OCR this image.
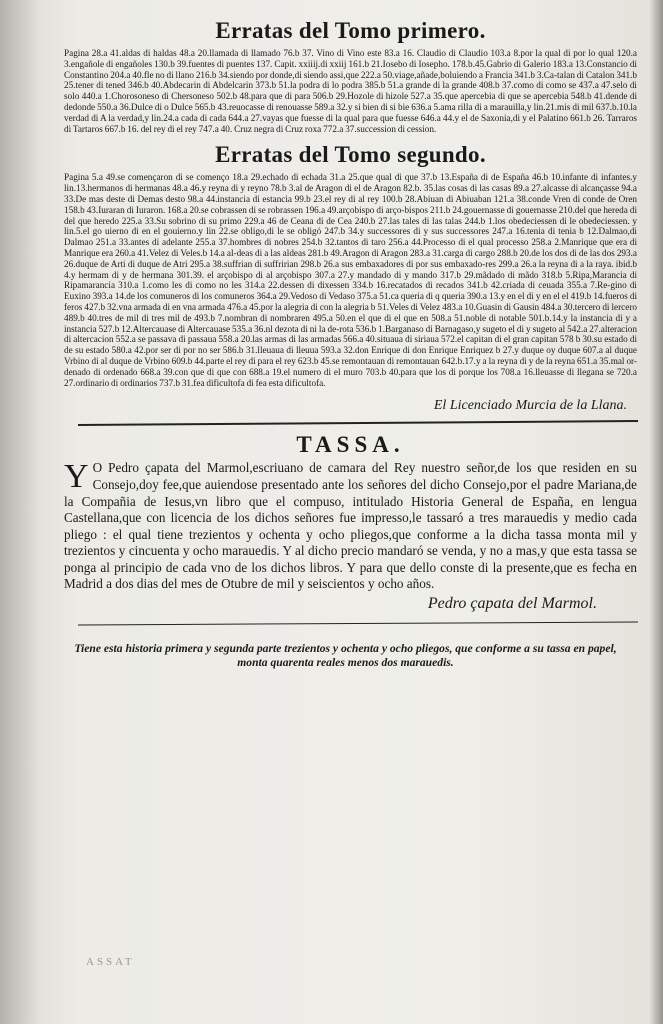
Erratas del Tomo primero.

Pagina 28.a 41.aldas di haldas 48.a 20.llamada di llamado 76.b 37. Vino di Vino este 83.a 16. Claudio di Claudio 103.a 8.por la qual di por lo qual 120.a 3.engañole di engañoles 130.b 39.fuentes di puentes 137. Capit. xxiiij.di xxiij 161.b 21.Iosebo di Iosepho. 178.b.45.Gabrio di Galerio 183.a 13.Constancio di Constantino 204.a 40.fle no di llano 216.b 34.siendo por donde,di siendo assi,que 222.a 50.viage,añade,boluiendo a Francia 341.b 3.Ca-talan di Catalon 341.b 25.tener di tened 346.b 40.Abdecarin di Abdelcarin 373.b 51.la podra di lo podra 385.b 51.a grande di la grande 408.b 37.como di como se 437.a 47.selo di solo 440.a 1.Chorosoneso di Chersoneso 502.b 48.para que di para 506.b 29.Hozole di hizole 527.a 35.que apercebia di que se apercebia 548.b 41.dende di dedonde 550.a 36.Dulce di o Dulce 565.b 43.reuocasse di renouasse 589.a 32.y si bien di si bie 636.a 5.ama rilla di a marauilla,y lin.21.mis di mil 637.b.10.la verdad di A la verdad,y lin.24.a cada di cada 644.a 27.vayas que fuesse di la qual para que fuesse 646.a 44.y el de Saxonia,di y el Palatino 661.b 26. Tarraros di Tartaros 667.b 16. del rey di el rey 747.a 40. Cruz negra di Cruz roxa 772.a 37.succession di cession.

Erratas del Tomo segundo.

Pagina 5.a 49.se començaron di se començo 18.a 29.echado di echada 31.a 25.que qual di que 37.b 13.España di de España 46.b 10.infante di infantes.y lin.13.hermanos di hermanas 48.a 46.y reyna di y reyno 78.b 3.al de Aragon di el de Aragon 82.b. 35.las cosas di las casas 89.a 27.alcasse di alcançasse 94.a 33.De mas deste di Demas desto 98.a 44.instancia di estancia 99.b 23.el rey di al rey 100.b 28.Abiuan di Abiuaban 121.a 38.conde Vren di conde de Oren 158.b 43.Iuraran di Iuraron. 168.a 20.se cobrassen di se robrassen 196.a 49.arçobispo di arço-bispos 211.b 24.gouernasse di gouernasse 210.del que hereda di del que heredo 225.a 33.Su sobrino di su primo 229.a 46 de Ceana di de Cea 240.b 27.las tales di las talas 244.b 1.los obedeciessen di le obedeciessen. y lin.5.el go uierno di en el gouierno.y lin 22.se obligo,di le se obligó 247.b 34.y successores di y sus successores 247.a 16.tenia di tenia b 12.Dalmao,di Dalmao 251.a 33.antes di adelante 255.a 37.hombres di nobres 254.b 32.tantos di taro 256.a 44.Processo di el qual processo 258.a 2.Manrique que era di Manrique era 260.a 41.Velez di Veles.b 14.a al-deas di a las aldeas 281.b 49.Aragon di Aragon 283.a 31.carga di cargo 288.b 20.de los dos di de las dos 293.a 26.duque de Arti di duque de Atri 295.a 38.suffrian di suffririan 298.b 26.a sus embaxadores di por sus embaxado-res 299.a 26.a la reyna di a la raya. ibid.b 4.y hermam di y de hermana 301.39. el arçobispo di al arçobispo 307.a 27.y mandado di y mando 317.b 29.mãdado di mãdo 318.b 5.Ripa,Marancia di Ripamarancia 310.a 1.como les di como no les 314.a 22.dessen di dixessen 334.b 16.recatados di recados 341.b 42.criada di ceuada 355.a 7.Re-gino di Euxino 393.a 14.de los comuneros di los comuneros 364.a 29.Vedoso di Vedaso 375.a 51.ca queria di q queria 390.a 13.y en el di y en el el 419.b 14.fueros di feros 427.b 32.vna armada di en vna armada 476.a 45.por la alegria di con la alegria b 51.Veles di Velez 483.a 10.Guasin di Gausin 484.a 30.tercero di lercero 489.b 40.tres de mil di tres mil de 493.b 7.nombran di nombraren 495.a 50.en el que di el que en 508.a 51.noble di notable 501.b.14.y la instancia di y a instancia 527.b 12.Altercauase di Altercauase 535.a 36.nl dezota di ni la de-rota 536.b 1.Barganaso di Barnagaso,y sugeto el di y sugeto al 542.a 27.alteracion di altercacion 552.a se passava di passaua 558.a 20.las armas di las armadas 566.a 40.situaua di siriaua 572.el capitan di el gran capitan 578 b 30.su estado di de su estado 580.a 42.por ser di por no ser 586.b 31.lleuaua di lleuua 593.a 32.don Enrique di don Enrique Enriquez b 27.y duque oy duque 607.a al duque Vrbino di al duque de Vrbino 609.b 44.parte el rey di para el rey 623.b 45.se remontauan di remontauan 642.b.17.y a la reyna di y de la reyna 651.a 35.mal or-denado di ordenado 668.a 39.con que di que con 688.a 19.el numero di el muro 703.b 40.para que los di porque los 708.a 16.lleuasse di llegana se 720.a 27.ordinario di ordinarios 737.b 31.fea dificultofa di fea esta dificultofa.

El Licenciado Murcia de la Llana.

TASSA.

Y O Pedro çapata del Marmol,escriuano de camara del Rey nuestro señor,de los que residen en su Consejo,doy fee,que auiendose presentado ante los señores del dicho Consejo,por el padre Mariana,de la Compañia de Iesus,vn libro que el compuso, intitulado Historia General de España, en lengua Castellana,que con licencia de los dichos señores fue impresso,le tassaró a tres marauedis y medio cada pliego : el qual tiene trezientos y ochenta y ocho pliegos,que conforme a la dicha tassa monta mil y trezientos y cincuenta y ocho marauedis. Y al dicho precio mandaró se venda, y no a mas,y que esta tassa se ponga al principio de cada vno de los dichos libros. Y para que dello conste di la presente,que es fecha en Madrid a dos dias del mes de Otubre de mil y seiscientos y ocho años.

Pedro çapata del Marmol.

Tiene esta historia primera y segunda parte trezientos y ochenta y ocho pliegos, que conforme a su tassa en papel, monta quarenta reales menos dos marauedis.

ASSAT
